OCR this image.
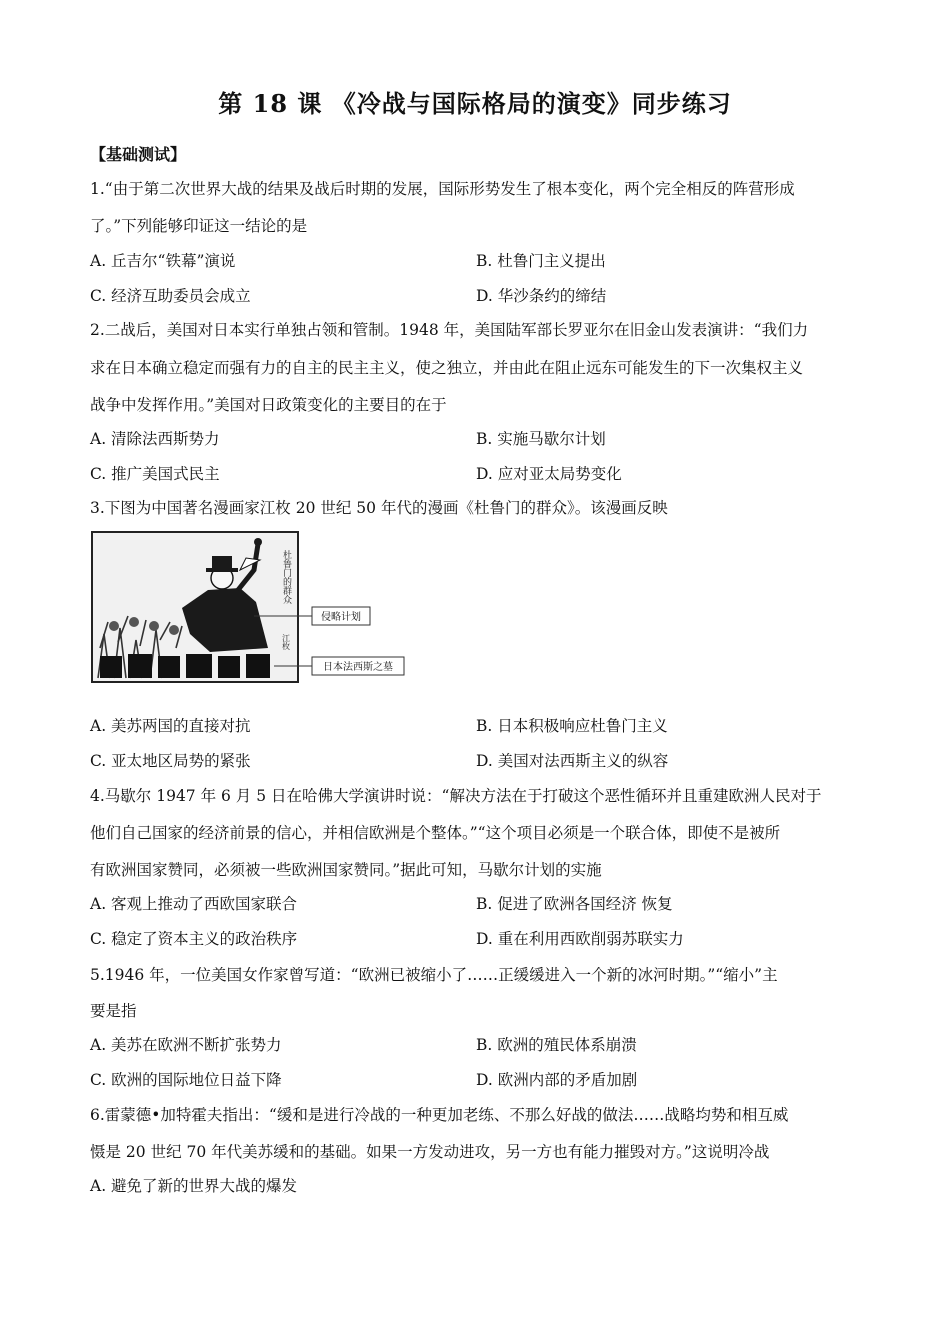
第 18 课 《冷战与国际格局的演变》同步练习
【基础测试】
1.“由于第二次世界大战的结果及战后时期的发展，国际形势发生了根本变化，两个完全相反的阵营形成
了。”下列能够印证这一结论的是
A. 丘吉尔“铁幕”演说	B. 杜鲁门主义提出
C. 经济互助委员会成立	D. 华沙条约的缔结
2.二战后，美国对日本实行单独占领和管制。1948 年，美国陆军部长罗亚尔在旧金山发表演讲：“我们力
求在日本确立稳定而强有力的自主的民主主义，使之独立，并由此在阻止远东可能发生的下一次集权主义
战争中发挥作用。”美国对日政策变化的主要目的在于
A. 清除法西斯势力	B. 实施马歇尔计划
C. 推广美国式民主	D. 应对亚太局势变化
3.下图为中国著名漫画家江枚 20 世纪 50 年代的漫画《杜鲁门的群众》。该漫画反映
杜鲁门的群众
江枚
侵略计划
日本法西斯之墓
A. 美苏两国的直接对抗	B. 日本积极响应杜鲁门主义
C. 亚太地区局势的紧张	D. 美国对法西斯主义的纵容
4.马歇尔 1947 年 6 月 5 日在哈佛大学演讲时说：“解决方法在于打破这个恶性循环并且重建欧洲人民对于
他们自己国家的经济前景的信心，并相信欧洲是个整体。”“这个项目必须是一个联合体，即使不是被所
有欧洲国家赞同，必须被一些欧洲国家赞同。”据此可知，马歇尔计划的实施
A. 客观上推动了西欧国家联合	B. 促进了欧洲各国经济 恢复
C. 稳定了资本主义的政治秩序	D. 重在利用西欧削弱苏联实力
5.1946 年，一位美国女作家曾写道：“欧洲已被缩小了……正缓缓进入一个新的冰河时期。”“缩小”主
要是指
A. 美苏在欧洲不断扩张势力	B. 欧洲的殖民体系崩溃
C. 欧洲的国际地位日益下降	D. 欧洲内部的矛盾加剧
6.雷蒙德•加特霍夫指出：“缓和是进行冷战的一种更加老练、不那么好战的做法……战略均势和相互威
慑是 20 世纪 70 年代美苏缓和的基础。如果一方发动进攻，另一方也有能力摧毁对方。”这说明冷战
A. 避免了新的世界大战的爆发
